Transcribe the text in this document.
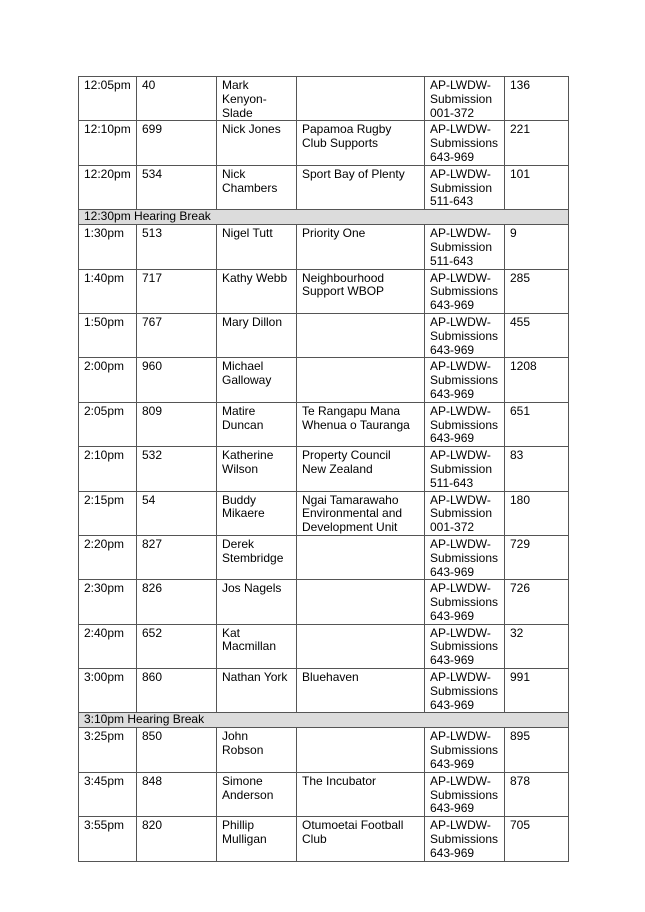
12:05pm	40	Mark
Kenyon-
Slade		AP-LWDW-
Submission
001-372	136
12:10pm	699	Nick Jones	Papamoa Rugby
Club Supports	AP-LWDW-
Submissions
643-969	221
12:20pm	534	Nick
Chambers	Sport Bay of Plenty	AP-LWDW-
Submission
511-643	101
12:30pm Hearing Break					
1:30pm	513	Nigel Tutt	Priority One	AP-LWDW-
Submission
511-643	9
1:40pm	717	Kathy Webb	Neighbourhood
Support WBOP	AP-LWDW-
Submissions
643-969	285
1:50pm	767	Mary Dillon		AP-LWDW-
Submissions
643-969	455
2:00pm	960	Michael
Galloway		AP-LWDW-
Submissions
643-969	1208
2:05pm	809	Matire
Duncan	Te Rangapu Mana
Whenua o Tauranga	AP-LWDW-
Submissions
643-969	651
2:10pm	532	Katherine
Wilson	Property Council
New Zealand	AP-LWDW-
Submission
511-643	83
2:15pm	54	Buddy
Mikaere	Ngai Tamarawaho
Environmental and
Development Unit	AP-LWDW-
Submission
001-372	180
2:20pm	827	Derek
Stembridge		AP-LWDW-
Submissions
643-969	729
2:30pm	826	Jos Nagels		AP-LWDW-
Submissions
643-969	726
2:40pm	652	Kat
Macmillan		AP-LWDW-
Submissions
643-969	32
3:00pm	860	Nathan York	Bluehaven	AP-LWDW-
Submissions
643-969	991
3:10pm Hearing Break					
3:25pm	850	John
Robson		AP-LWDW-
Submissions
643-969	895
3:45pm	848	Simone
Anderson	The Incubator	AP-LWDW-
Submissions
643-969	878
3:55pm	820	Phillip
Mulligan	Otumoetai Football
Club	AP-LWDW-
Submissions
643-969	705
